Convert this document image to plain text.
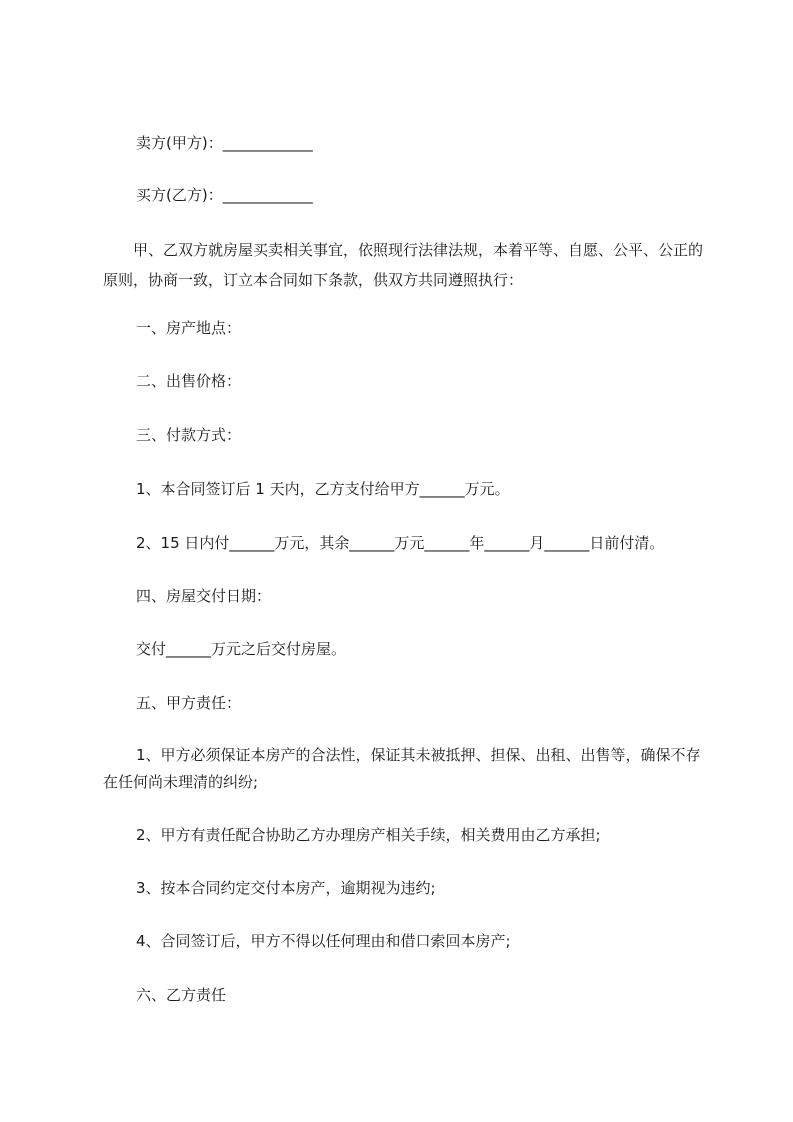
卖方(甲方)：____________
买方(乙方)：____________
甲、乙双方就房屋买卖相关事宜，依照现行法律法规，本着平等、自愿、公平、公正的原则，协商一致，订立本合同如下条款，供双方共同遵照执行：
一、房产地点：
二、出售价格：
三、付款方式：
1、本合同签订后 1 天内，乙方支付给甲方______万元。
2、15 日内付______万元，其余______万元______年______月______日前付清。
四、房屋交付日期：
交付______万元之后交付房屋。
五、甲方责任：
1、甲方必须保证本房产的合法性，保证其未被抵押、担保、出租、出售等，确保不存在任何尚未理清的纠纷;
2、甲方有责任配合协助乙方办理房产相关手续，相关费用由乙方承担;
3、按本合同约定交付本房产，逾期视为违约;
4、合同签订后，甲方不得以任何理由和借口索回本房产;
六、乙方责任
